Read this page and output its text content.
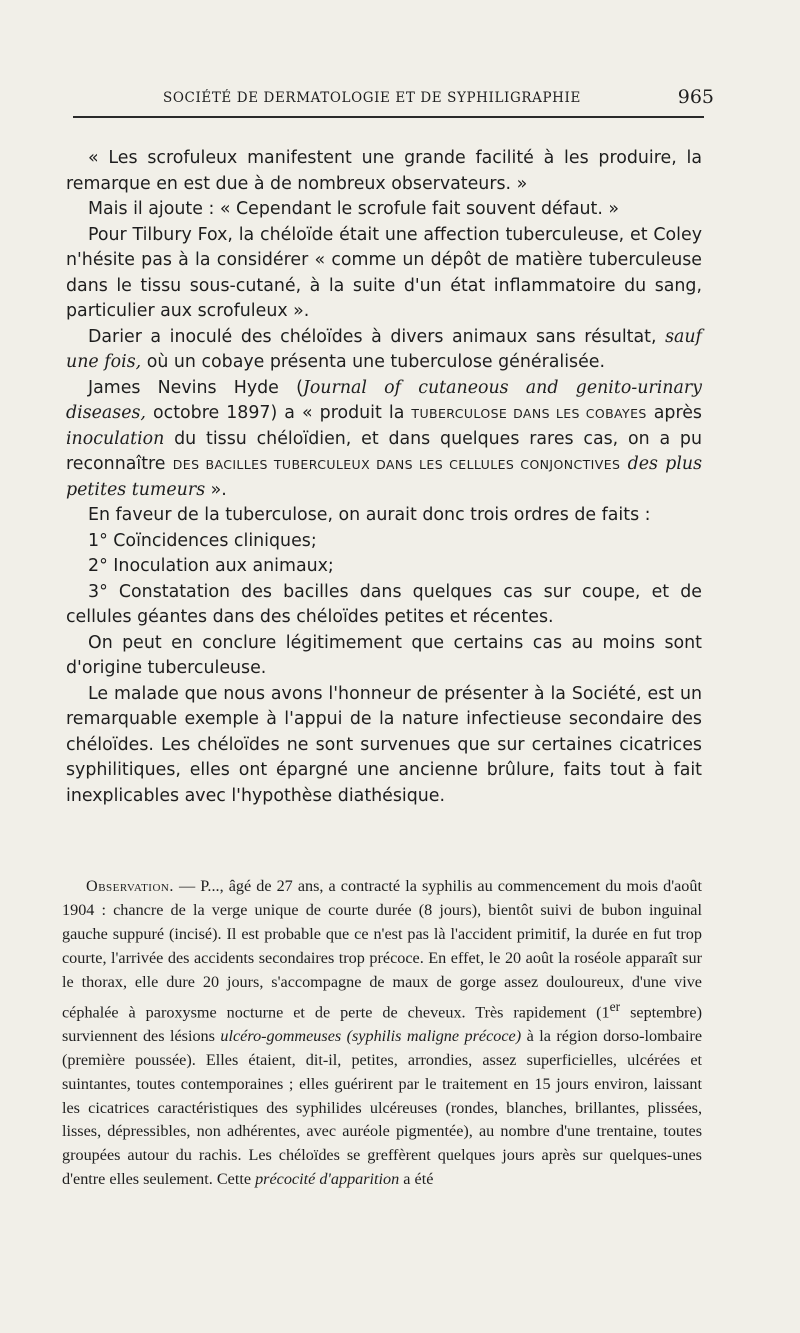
SOCIÉTÉ DE DERMATOLOGIE ET DE SYPHILIGRAPHIE	965

« Les scrofuleux manifestent une grande facilité à les produire, la remarque en est due à de nombreux observateurs. »

Mais il ajoute : « Cependant le scrofule fait souvent défaut. »

Pour Tilbury Fox, la chéloïde était une affection tuberculeuse, et Coley n'hésite pas à la considérer « comme un dépôt de matière tuberculeuse dans le tissu sous-cutané, à la suite d'un état inflammatoire du sang, particulier aux scrofuleux ».

Darier a inoculé des chéloïdes à divers animaux sans résultat, sauf une fois, où un cobaye présenta une tuberculose généralisée.

James Nevins Hyde (Journal of cutaneous and genito-urinary diseases, octobre 1897) a « produit la TUBERCULOSE DANS LES COBAYES après inoculation du tissu chéloïdien, et dans quelques rares cas, on a pu reconnaître DES BACILLES TUBERCULEUX DANS LES CELLULES CONJONCTIVES des plus petites tumeurs ».

En faveur de la tuberculose, on aurait donc trois ordres de faits :

1° Coïncidences cliniques;

2° Inoculation aux animaux;

3° Constatation des bacilles dans quelques cas sur coupe, et de cellules géantes dans des chéloïdes petites et récentes.

On peut en conclure légitimement que certains cas au moins sont d'origine tuberculeuse.

Le malade que nous avons l'honneur de présenter à la Société, est un remarquable exemple à l'appui de la nature infectieuse secondaire des chéloïdes. Les chéloïdes ne sont survenues que sur certaines cicatrices syphilitiques, elles ont épargné une ancienne brûlure, faits tout à fait inexplicables avec l'hypothèse diathésique.

Observation. — P..., âgé de 27 ans, a contracté la syphilis au commencement du mois d'août 1904 : chancre de la verge unique de courte durée (8 jours), bientôt suivi de bubon inguinal gauche suppuré (incisé). Il est probable que ce n'est pas là l'accident primitif, la durée en fut trop courte, l'arrivée des accidents secondaires trop précoce. En effet, le 20 août la roséole apparaît sur le thorax, elle dure 20 jours, s'accompagne de maux de gorge assez douloureux, d'une vive céphalée à paroxysme nocturne et de perte de cheveux. Très rapidement (1er septembre) surviennent des lésions ulcéro-gommeuses (syphilis maligne précoce) à la région dorso-lombaire (première poussée). Elles étaient, dit-il, petites, arrondies, assez superficielles, ulcérées et suintantes, toutes contemporaines ; elles guérirent par le traitement en 15 jours environ, laissant les cicatrices caractéristiques des syphilides ulcéreuses (rondes, blanches, brillantes, plissées, lisses, dépressibles, non adhérentes, avec auréole pigmentée), au nombre d'une trentaine, toutes groupées autour du rachis. Les chéloïdes se greffèrent quelques jours après sur quelques-unes d'entre elles seulement. Cette précocité d'apparition a été
